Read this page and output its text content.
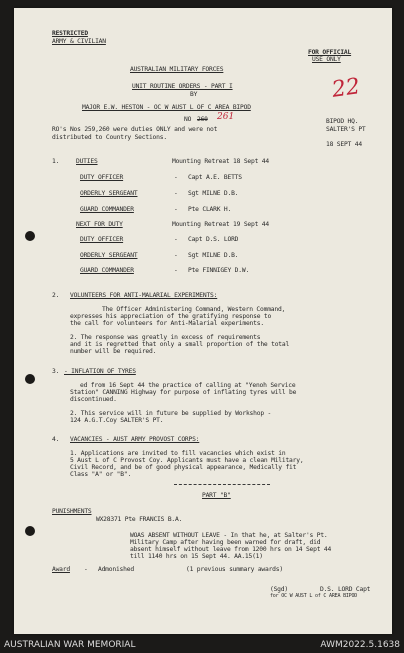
RESTRICTED
ARMY & CIVILIAN
FOR OFFICIAL
USE ONLY
22
AUSTRALIAN MILITARY FORCES
UNIT ROUTINE ORDERS - PART I
BY
MAJOR E.W. HESTON - OC W AUST L OF C AREA BIPOD
NO 260 261	BIPOD HQ.
SALTER'S PT
18 SEPT 44
RO's Nos 259,260 were duties ONLY and were not
distributed to Country Sections.
1.	DUTIES	Mounting Retreat 18 Sept 44
DUTY OFFICER	- Capt A.E. BETTS
ORDERLY SERGEANT	- Sgt MILNE D.B.
GUARD COMMANDER	- Pte CLARK H.
NEXT FOR DUTY	Mounting Retreat 19 Sept 44
DUTY OFFICER	- Capt D.S. LORD
ORDERLY SERGEANT	- Sgt MILNE D.B.
GUARD COMMANDER	- Pte FINNIGEY D.W.
2. VOLUNTEERS FOR ANTI-MALARIAL EXPERIMENTS:
The Officer Administering Command, Western Command,
expresses his appreciation of the gratifying response to
the call for volunteers for Anti-Malarial experiments.
2. The response was greatly in excess of requirements
and it is regretted that only a small proportion of the total
number will be required.
3. - INFLATION OF TYRES
ed from 16 Sept 44 the practice of calling at "Yenoh Service
Station" CANNING Highway for purpose of inflating tyres will be
discontinued.
2. This service will in future be supplied by Workshop -
124 A.G.T.Coy SALTER'S PT.
4. VACANCIES - AUST ARMY PROVOST CORPS:
1. Applications are invited to fill vacancies which exist in
5 Aust L of C Provost Coy. Applicants must have a clean Military,
Civil Record, and be of good physical appearance, Medically fit
Class "A" or "B".
PART "B"
PUNISHMENTS
WX28371 Pte FRANCIS B.A.
WOAS ABSENT WITHOUT LEAVE - In that he, at Salter's Pt.
Military Camp after having been warned for draft, did
absent himself without leave from 1200 hrs on 14 Sept 44
till 1140 hrs on 15 Sept 44. AA.15(1)
Award - Admonished	(1 previous summary awards)
(Sgd)	D.S. LORD Capt
for OC W AUST L of C AREA BIPOD
AUSTRALIAN WAR MEMORIAL	AWM2022.5.1638
